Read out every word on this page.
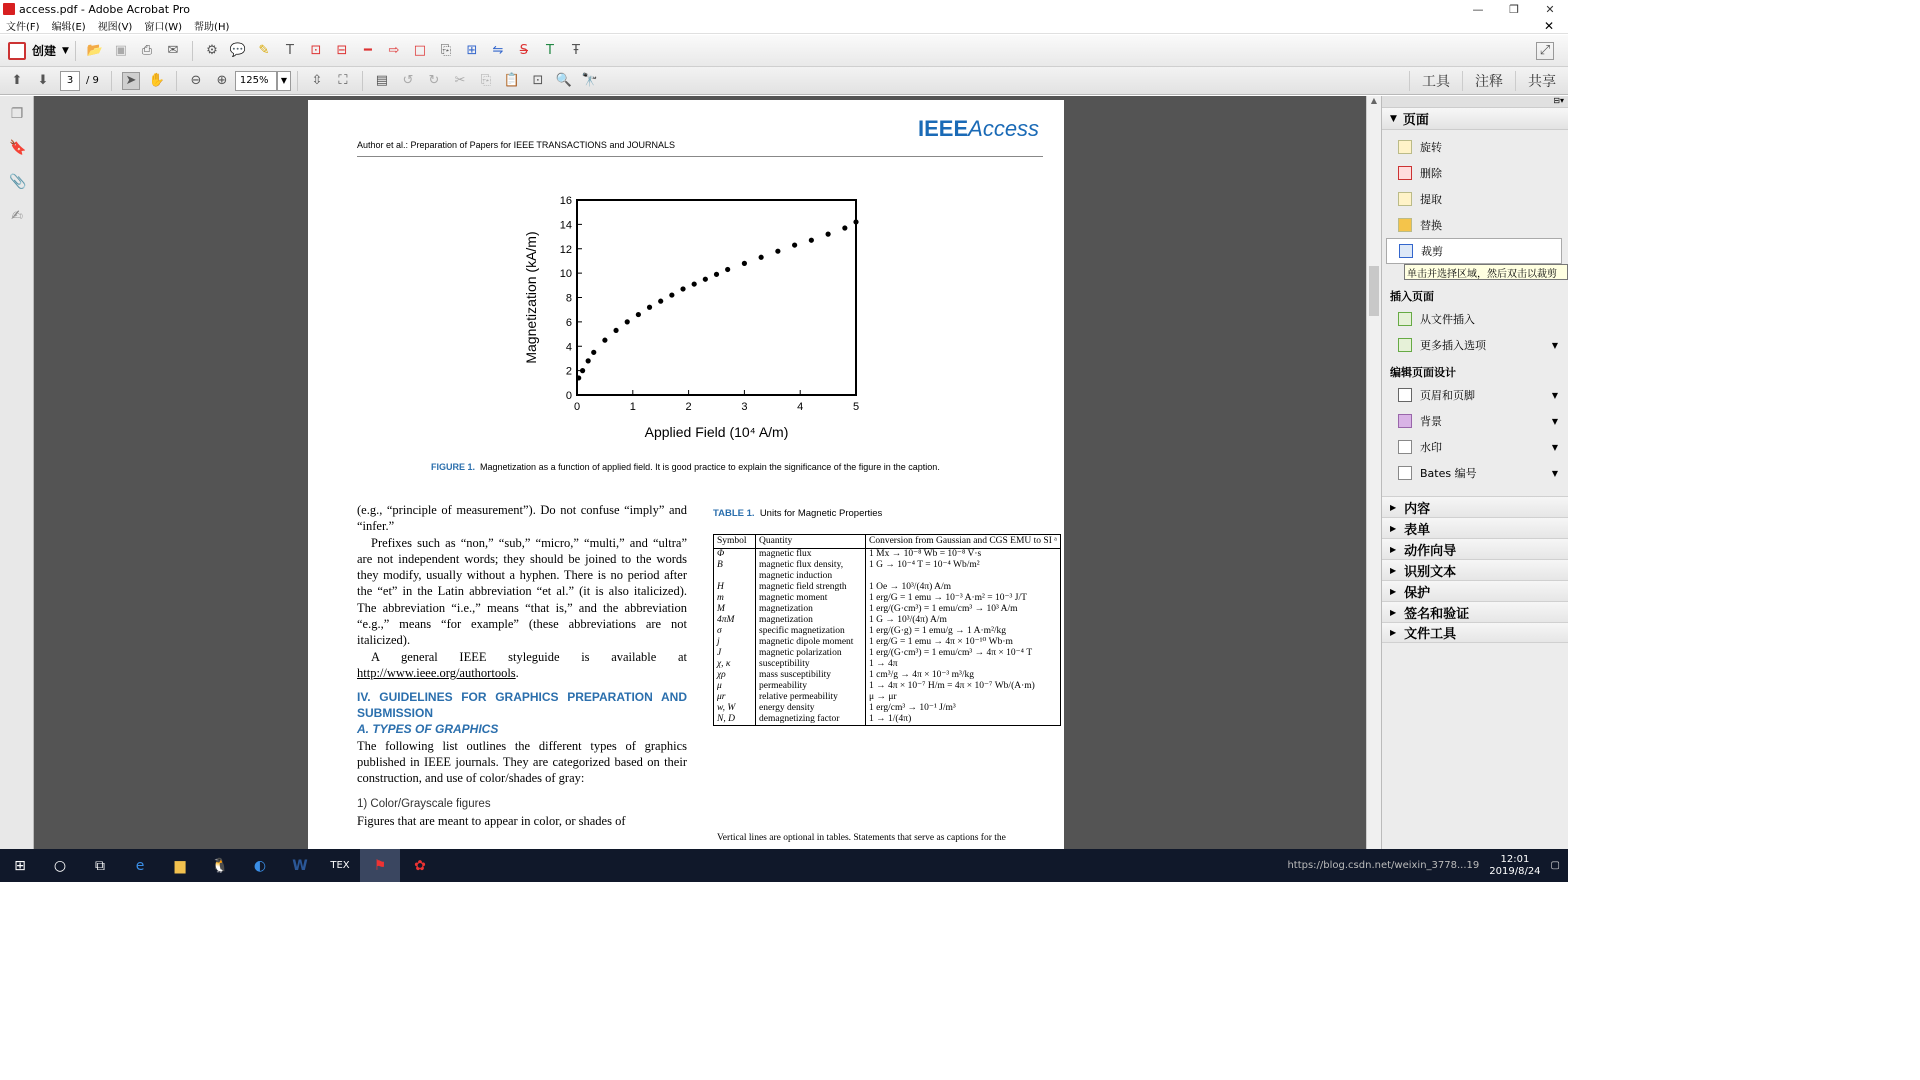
access.pdf - Adobe Acrobat Pro	—	❐	✕
文件(F)	编辑(E)	视图(V)	窗口(W)	帮助(H)	✕
创建 ▼ 📂 ▣ ⎙ ✉ ⚙ 💬 ✎	T	⊡ ⊟	━	⇨ □ ⎘ ⊞ ⇋	S̶	T	Ŧ	⤢
⬆ ⬇	3	/ 9 ➤ ✋ ⊖ ⊕	125%	▼	⇳	⛶	▤ ↺ ↻ ✂ ⎘ 📋 ⊡ 🔍 🔭	工具	注释	共享
❐
🔖
📎
✍
IEEEAccess
Author et al.: Preparation of Papers for IEEE TRANSACTIONS and JOURNALS
0	1	2	3	4	5
0
2
4
6
8
10
12
14
16
Applied Field (10⁴ A/m)
Magnetization (kA/m)
FIGURE 1. Magnetization as a function of applied field. It is good practice to explain the significance of the figure in the caption.

(e.g., “principle of measurement”). Do not confuse “imply” and “infer.”

Prefixes such as “non,” “sub,” “micro,” “multi,” and “ultra” are not independent words; they should be joined to the words they modify, usually without a hyphen. There is no period after the “et” in the Latin abbreviation “et al.” (it is also italicized). The abbreviation “i.e.,” means “that is,” and the abbreviation “e.g.,” means “for example” (these abbreviations are not italicized).

A general IEEE styleguide is available at http://www.ieee.org/authortools.

IV. GUIDELINES FOR GRAPHICS PREPARATION AND SUBMISSION
A. TYPES OF GRAPHICS

The following list outlines the different types of graphics published in IEEE journals. They are categorized based on their construction, and use of color/shades of gray:

1) Color/Grayscale figures

Figures that are meant to appear in color, or shades of

TABLE 1. Units for Magnetic Properties
Symbol	Quantity	Conversion from Gaussian and CGS EMU to SI ᵃ
Φ	magnetic flux	1 Mx → 10⁻⁸ Wb = 10⁻⁸ V·s
B	magnetic flux density, magnetic induction	1 G → 10⁻⁴ T = 10⁻⁴ Wb/m²
H	magnetic field strength	1 Oe → 10³/(4π) A/m
m	magnetic moment	1 erg/G = 1 emu → 10⁻³ A·m² = 10⁻³ J/T
M	magnetization	1 erg/(G·cm³) = 1 emu/cm³ → 10³ A/m
4πM	magnetization	1 G → 10³/(4π) A/m
σ	specific magnetization	1 erg/(G·g) = 1 emu/g → 1 A·m²/kg
j	magnetic dipole moment	1 erg/G = 1 emu → 4π × 10⁻¹⁰ Wb·m
J	magnetic polarization	1 erg/(G·cm³) = 1 emu/cm³ → 4π × 10⁻⁴ T
χ, κ	susceptibility	1 → 4π
χρ	mass susceptibility	1 cm³/g → 4π × 10⁻³ m³/kg
μ	permeability	1 → 4π × 10⁻⁷ H/m = 4π × 10⁻⁷ Wb/(A·m)
μr	relative permeability	μ → μr
w, W	energy density	1 erg/cm³ → 10⁻¹ J/m³
N, D	demagnetizing factor	1 → 1/(4π)
Vertical lines are optional in tables. Statements that serve as captions for the
▲	⊟▾
▼ 页面
旋转
删除
提取
替换
裁剪
插入页面
从文件插入
更多插入选项	▼
编辑页面设计
页眉和页脚	▼
背景	▼
水印	▼
Bates 编号	▼
▶ 内容
▶ 表单
▶ 动作向导
▶ 识别文本
▶ 保护
▶ 签名和验证
▶ 文件工具
单击并选择区域，然后双击以裁剪
⊞	○	⧉	e	▆	🐧	◐	W	TEX	⚑	✿	https://blog.csdn.net/weixin_3778...19
12:01
2019/8/24 ▢
